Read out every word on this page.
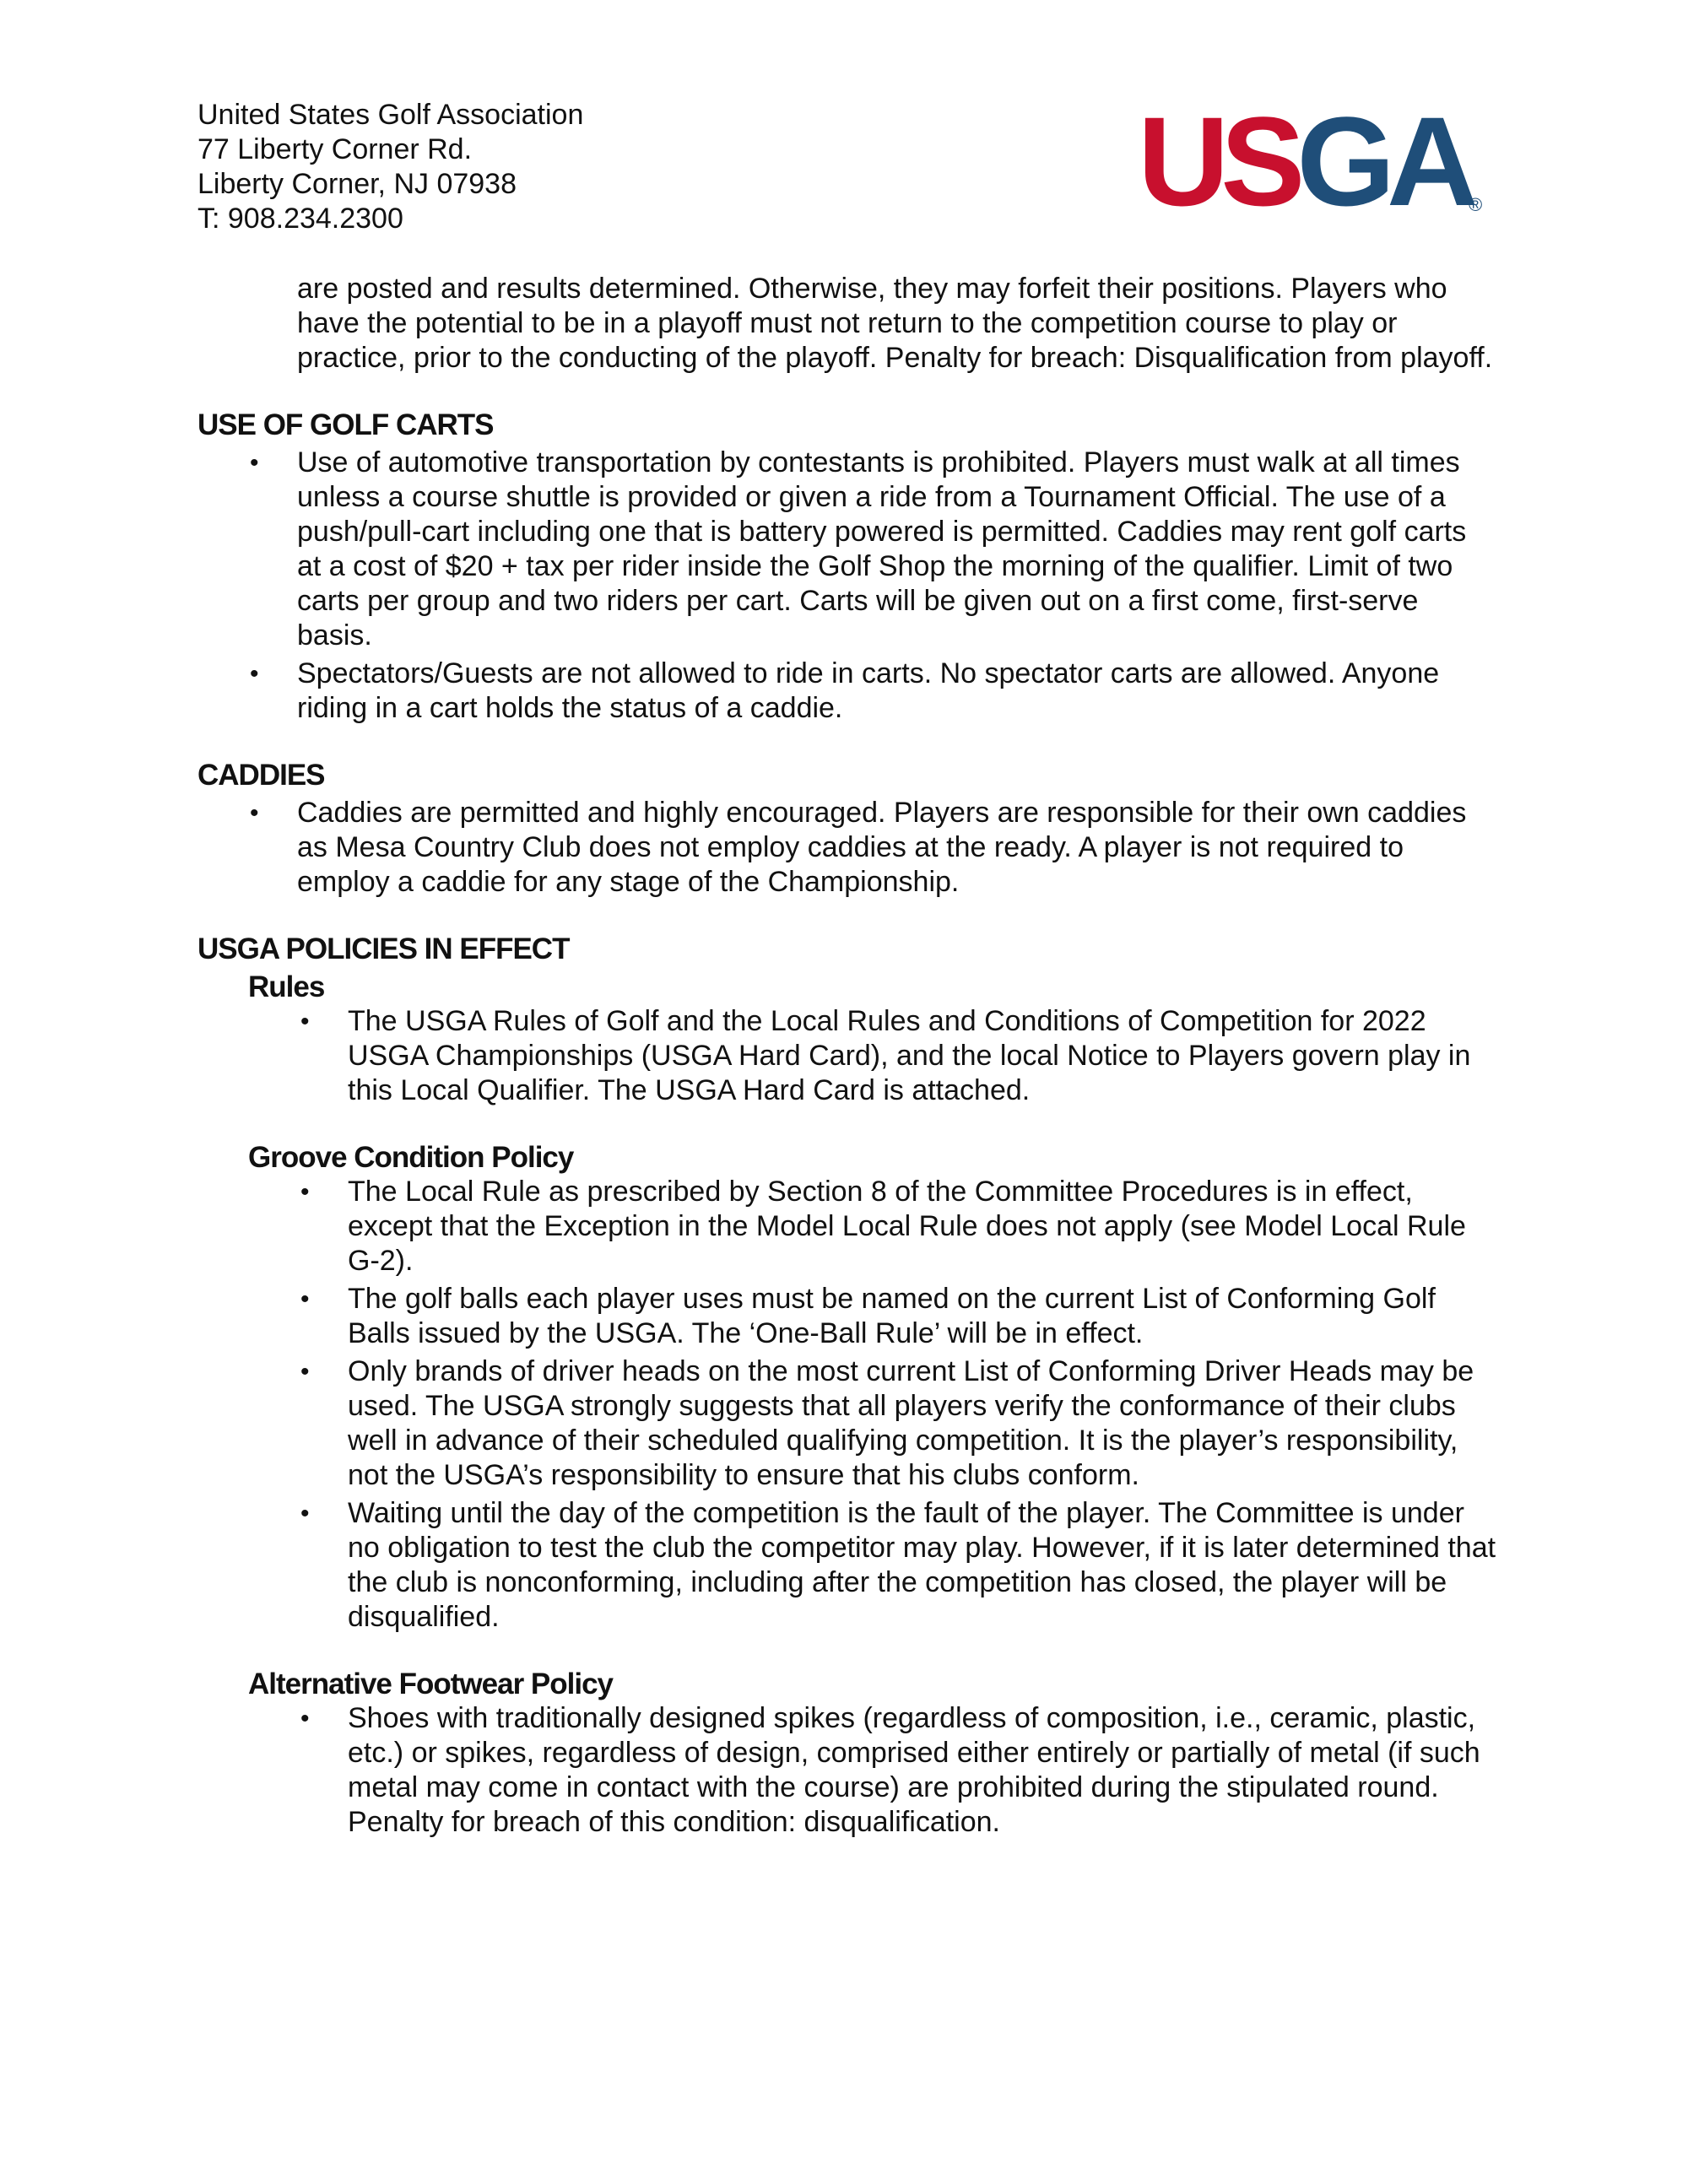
United States Golf Association
77 Liberty Corner Rd.
Liberty Corner, NJ 07938
T: 908.234.2300	USGA
®
are posted and results determined. Otherwise, they may forfeit their positions. Players who have the potential to be in a playoff must not return to the competition course to play or practice, prior to the conducting of the playoff. Penalty for breach: Disqualification from playoff.
USE OF GOLF CARTS
• Use of automotive transportation by contestants is prohibited. Players must walk at all times unless a course shuttle is provided or given a ride from a Tournament Official. The use of a push/pull-cart including one that is battery powered is permitted. Caddies may rent golf carts at a cost of $20 + tax per rider inside the Golf Shop the morning of the qualifier. Limit of two carts per group and two riders per cart. Carts will be given out on a first come, first-serve basis.
• Spectators/Guests are not allowed to ride in carts. No spectator carts are allowed. Anyone riding in a cart holds the status of a caddie.
CADDIES
• Caddies are permitted and highly encouraged. Players are responsible for their own caddies as Mesa Country Club does not employ caddies at the ready. A player is not required to employ a caddie for any stage of the Championship.
USGA POLICIES IN EFFECT
Rules
• The USGA Rules of Golf and the Local Rules and Conditions of Competition for 2022 USGA Championships (USGA Hard Card), and the local Notice to Players govern play in this Local Qualifier. The USGA Hard Card is attached.
Groove Condition Policy
• The Local Rule as prescribed by Section 8 of the Committee Procedures is in effect, except that the Exception in the Model Local Rule does not apply (see Model Local Rule G-2).
• The golf balls each player uses must be named on the current List of Conforming Golf Balls issued by the USGA. The ‘One-Ball Rule’ will be in effect.
• Only brands of driver heads on the most current List of Conforming Driver Heads may be used. The USGA strongly suggests that all players verify the conformance of their clubs well in advance of their scheduled qualifying competition. It is the player’s responsibility, not the USGA’s responsibility to ensure that his clubs conform.
• Waiting until the day of the competition is the fault of the player. The Committee is under no obligation to test the club the competitor may play. However, if it is later determined that the club is nonconforming, including after the competition has closed, the player will be disqualified.
Alternative Footwear Policy
• Shoes with traditionally designed spikes (regardless of composition, i.e., ceramic, plastic, etc.) or spikes, regardless of design, comprised either entirely or partially of metal (if such metal may come in contact with the course) are prohibited during the stipulated round. Penalty for breach of this condition: disqualification.
